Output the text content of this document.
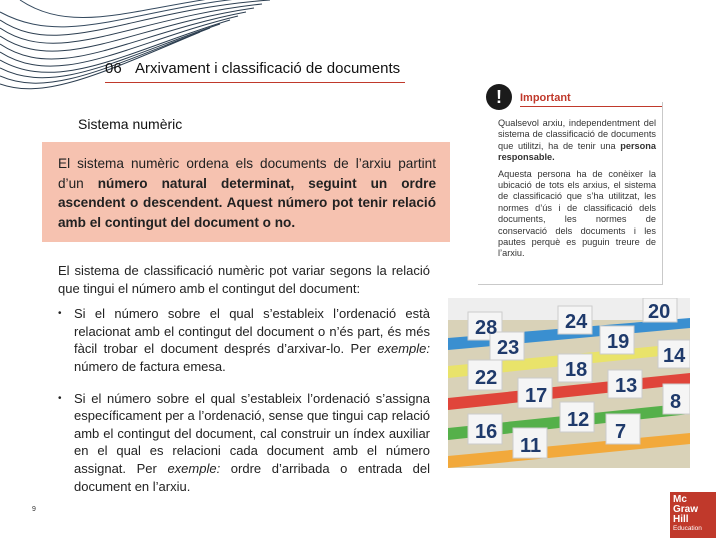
06 Arxivament i classificació de documents
Sistema numèric

El sistema numèric ordena els documents de l’arxiu partint d’un número natural determinat, seguint un ordre ascendent o descendent. Aquest número pot tenir relació amb el contingut del document o no.

El sistema de classificació numèric pot variar segons la relació que tingui el número amb el contingut del document:

• Si el número sobre el qual s’estableix l’ordenació està relacionat amb el contingut del document o n’és part, és més fàcil trobar el document després d’arxivar-lo. Per exemple: número de factura emesa.
• Si el número sobre el qual s’estableix l’ordenació s’assigna específicament per a l’ordenació, sense que tingui cap relació amb el contingut del document, cal construir un índex auxiliar en el qual es relacioni cada document amb el número assignat. Per exemple: ordre d’arribada o entrada del document en l’arxiu.
!	Important

Qualsevol arxiu, independentment del sistema de classificació de documents que utilitzi, ha de tenir una persona responsable.

Aquesta persona ha de conèixer la ubicació de tots els arxius, el sistema de classificació que s’ha utilitzat, les normes d’ús i de classificació dels documents, les normes de conservació dels documents i les pautes perquè es puguin treure de l’arxiu.

28	24	20
23	19
14
22	18
17	13
8
12
16
11
7
9
Mc
Graw
Hill
Education
